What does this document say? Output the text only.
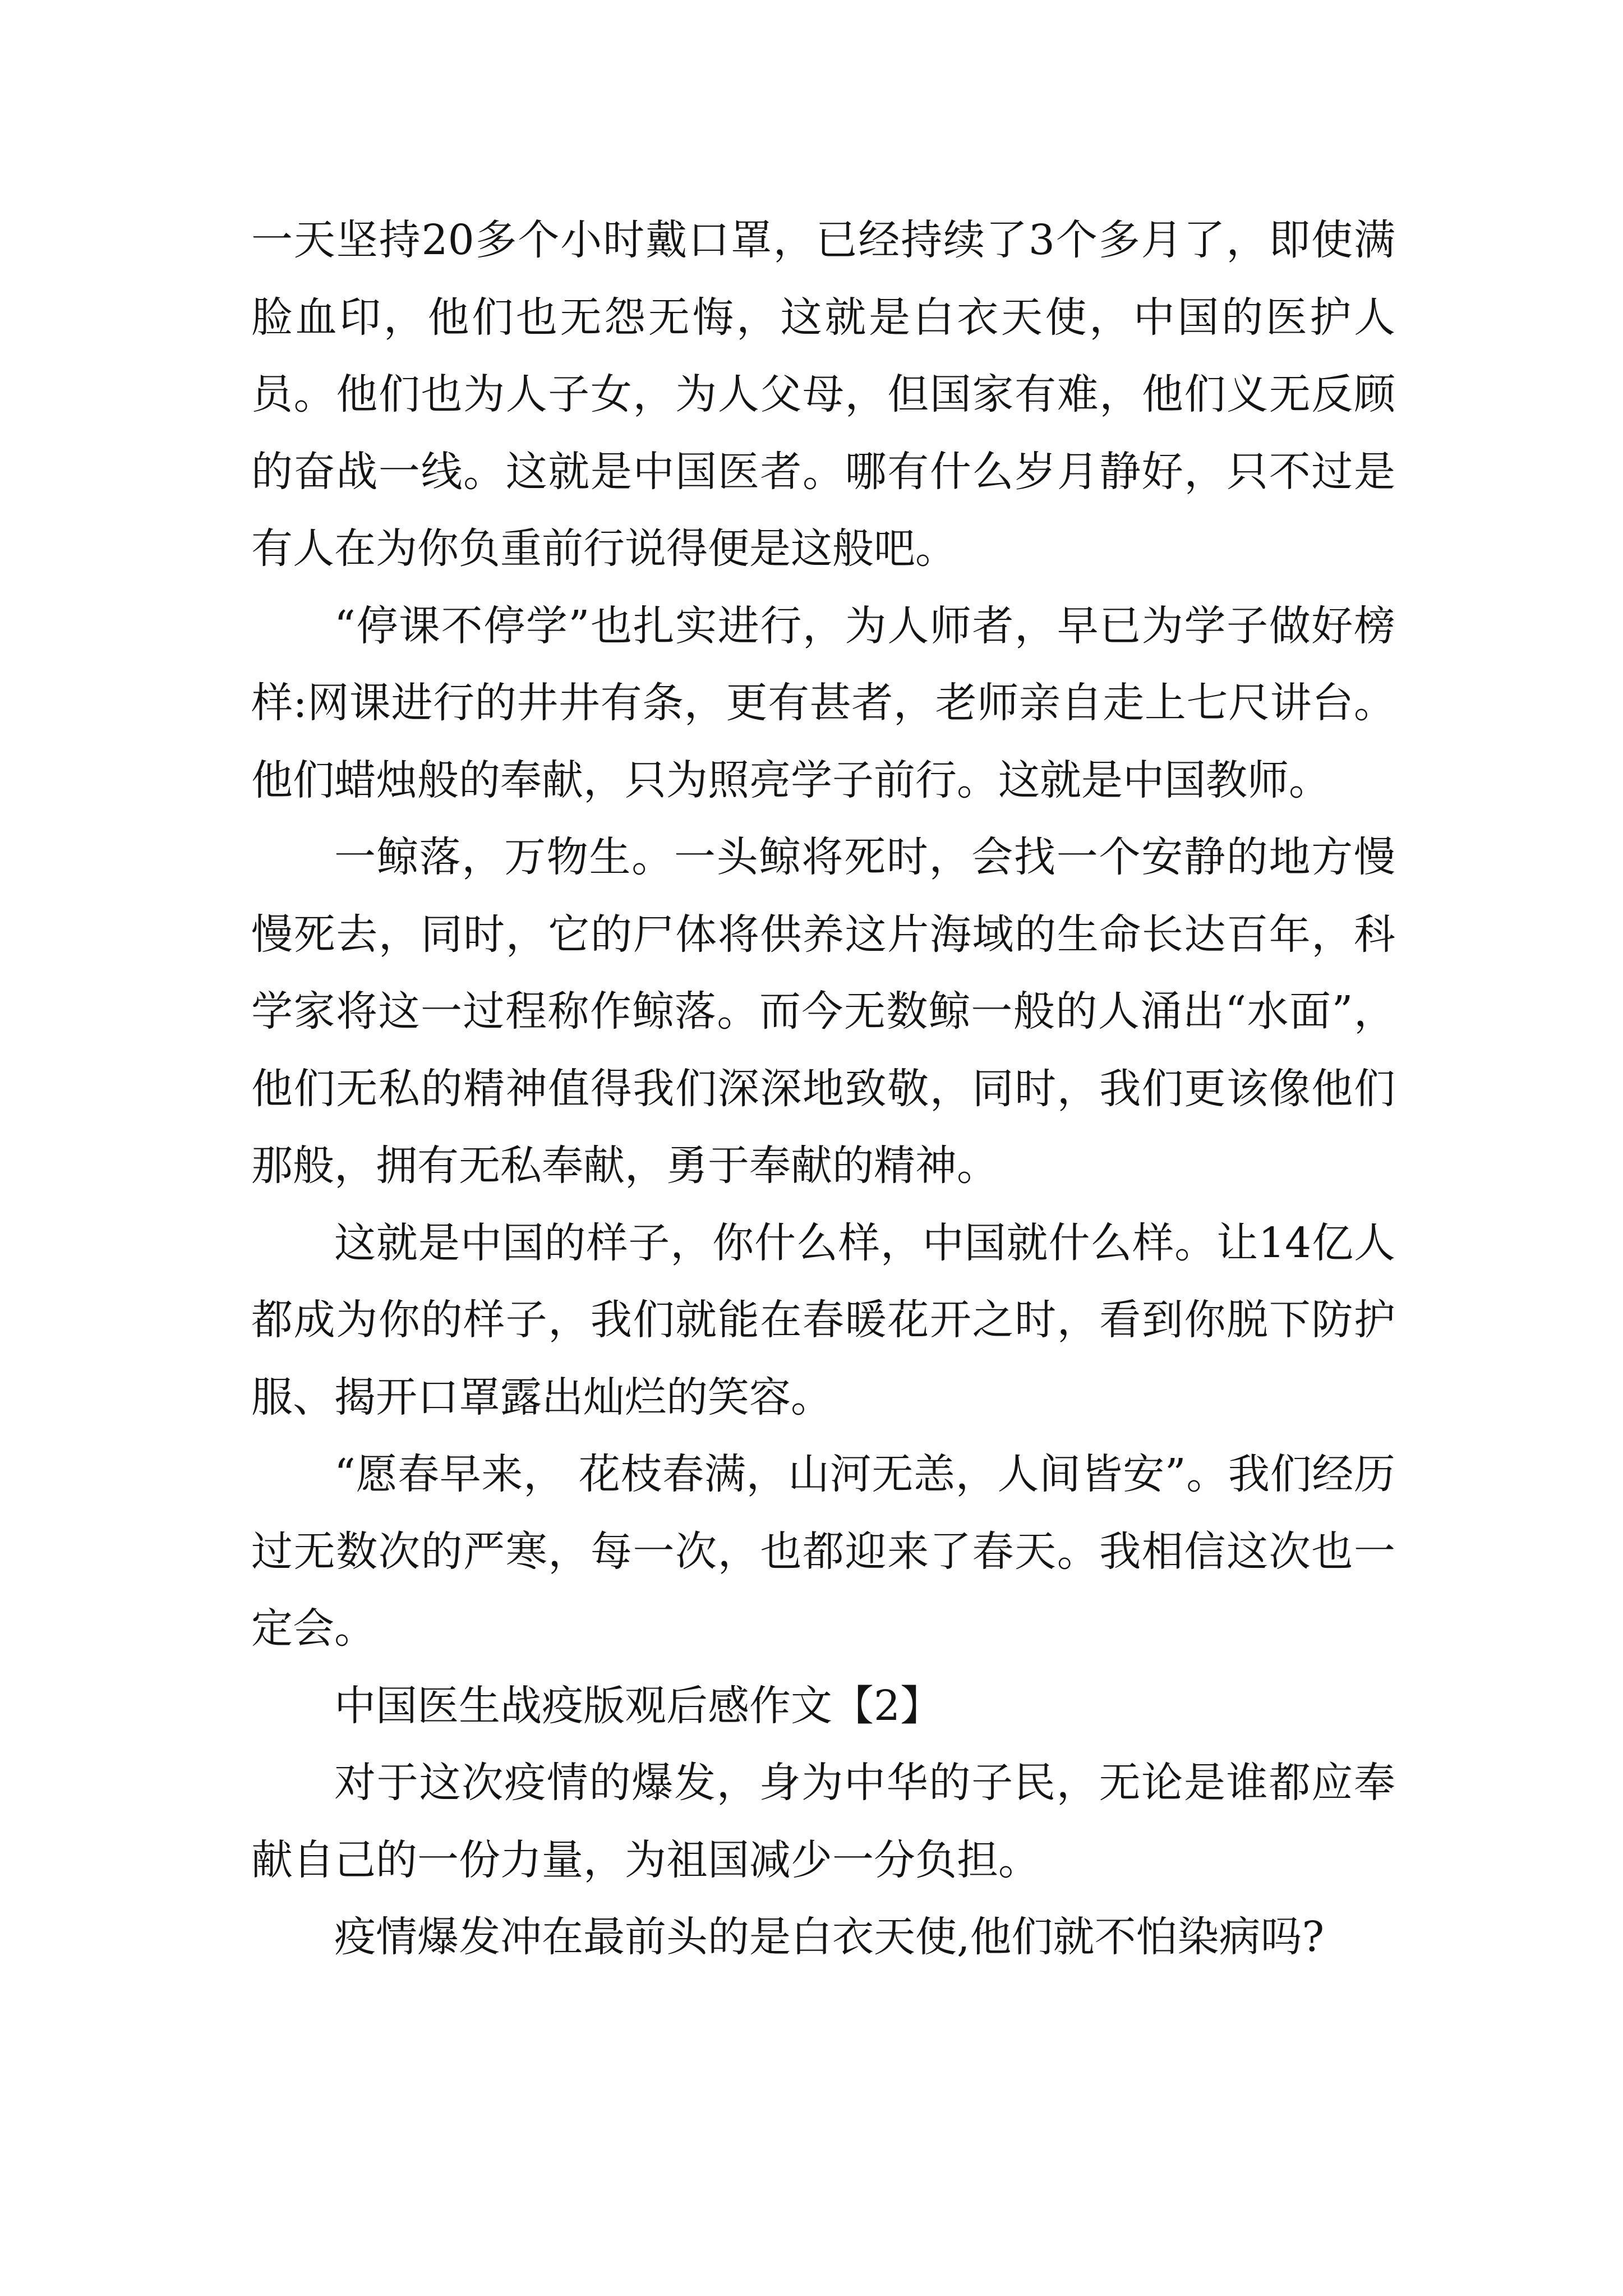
一天坚持20多个小时戴口罩，已经持续了3个多月了，即使满脸血印，他们也无怨无悔，这就是白衣天使，中国的医护人员。他们也为人子女，为人父母，但国家有难，他们义无反顾的奋战一线。这就是中国医者。哪有什么岁月静好，只不过是有人在为你负重前行说得便是这般吧。

“停课不停学”也扎实进行，为人师者，早已为学子做好榜样:网课进行的井井有条，更有甚者，老师亲自走上七尺讲台。他们蜡烛般的奉献，只为照亮学子前行。这就是中国教师。

一鲸落，万物生。一头鲸将死时，会找一个安静的地方慢慢死去，同时，它的尸体将供养这片海域的生命长达百年，科学家将这一过程称作鲸落。而今无数鲸一般的人涌出“水面”，他们无私的精神值得我们深深地致敬，同时，我们更该像他们那般，拥有无私奉献，勇于奉献的精神。

这就是中国的样子，你什么样，中国就什么样。让14亿人都成为你的样子，我们就能在春暖花开之时，看到你脱下防护服、揭开口罩露出灿烂的笑容。

“愿春早来， 花枝春满，山河无恙，人间皆安”。我们经历过无数次的严寒，每一次，也都迎来了春天。我相信这次也一定会。

中国医生战疫版观后感作文【2】

对于这次疫情的爆发，身为中华的子民，无论是谁都应奉献自己的一份力量，为祖国减少一分负担。

疫情爆发冲在最前头的是白衣天使,他们就不怕染病吗?
